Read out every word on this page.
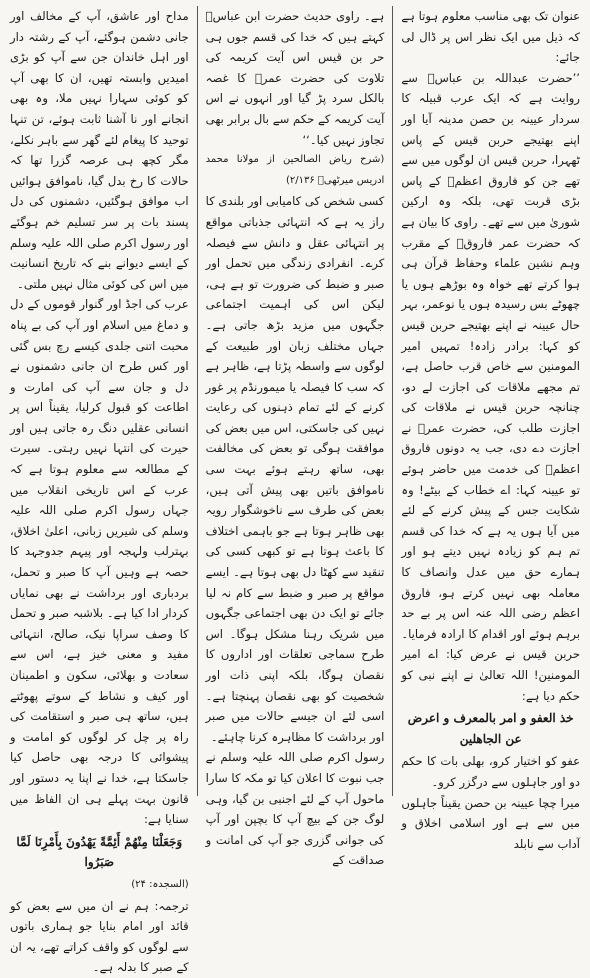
عنوان تک بھی مناسب معلوم ہوتا ہے کہ ذیل میں ایک نظر اس پر ڈال لی جائے:

’’حضرت عبداللہ بن عباسؓ سے روایت ہے کہ ایک عرب قبیلہ کا سردار عیینہ بن حصن مدینہ آیا اور اپنے بھتیجے حربن قیس کے پاس ٹھہرا، حربن قیس ان لوگوں میں سے تھے جن کو فاروق اعظمؓ کے پاس بڑی قربت تھی، بلکہ وہ ارکین شوریٰ میں سے تھے۔ راوی کا بیان ہے کہ حضرت عمر فاروقؓ کے مقرب وہم نشین علماء وحفاظ قرآن ہی ہوا کرتے تھے خواہ وہ بوڑھے ہوں یا چھوٹے بس رسیدہ ہوں یا نوعمر، بہر حال عیینہ نے اپنے بھتیجے حربن قیس کو کہا: برادر زادہ! تمہیں امیر المومنین سے خاص قرب حاصل ہے، تم مجھے ملاقات کی اجازت لے دو، چنانچہ حربن قیس نے ملاقات کی اجازت طلب کی، حضرت عمرؓ نے اجازت دے دی، جب یہ دونوں فاروق اعظمؓ کی خدمت میں حاضر ہوئے تو عیینہ کہا: اے خطاب کے بیٹے! وہ شکایت جس کے پیش کرنے کے لئے میں آیا ہوں یہ ہے کہ خدا کی قسم تم ہم کو زیادہ نہیں دیتے ہو اور ہمارے حق میں عدل وانصاف کا معاملہ بھی نہیں کرتے ہو، فاروق اعظم رضی اللہ عنہ اس پر بے حد برہم ہوئے اور اقدام کا ارادہ فرمایا۔ حربن قیس نے عرض کیا: اے امیر المومنین! اللہ تعالیٰ نے اپنے نبی کو حکم دیا ہے:

خذ العفو و امر بالمعرف و اعرض عن الجاهلين

عفو کو اختیار کرو، بھلی بات کا حکم دو اور جاہلوں سے درگزر کرو۔

میرا چچا عیینہ بن حصن یقیناً جاہلوں میں سے ہے اور اسلامی اخلاق و آداب سے نابلد

ہے۔ راوی حدیث حضرت ابن عباسؓ کہتے ہیں کہ خدا کی قسم جوں ہی حر بن قیس اس آیت کریمہ کی تلاوت کی حضرت عمرؓ کا غصہ بالکل سرد پڑ گیا اور انہوں نے اس آیت کریمہ کے حکم سے بال برابر بھی تجاوز نہیں کیا۔‘‘

(شرح ریاض الصالحین از مولانا محمد ادریس میرٹھیؒ ۲/۱۳۶)

کسی شخص کی کامیابی اور بلندی کا راز یہ ہے کہ انتہائی جذباتی مواقع پر انتہائی عقل و دانش سے فیصلہ کرے۔ انفرادی زندگی میں تحمل اور صبر و ضبط کی ضرورت تو ہے ہی، لیکن اس کی اہمیت اجتماعی جگہوں میں مزید بڑھ جاتی ہے۔ جہاں مختلف زبان اور طبیعت کے لوگوں سے واسطہ پڑتا ہے، ظاہر ہے کہ سب کا فیصلہ یا میمورنڈم پر غور کرنے کے لئے تمام ذہنوں کی رعایت نہیں کی جاسکتی، اس میں بعض کی موافقت ہوگی تو بعض کی مخالفت بھی، ساتھ رہتے ہوئے بہت سی ناموافق باتیں بھی پیش آتی ہیں، بعض کی طرف سے ناخوشگوار رویہ بھی ظاہر ہوتا ہے جو باہمی اختلاف کا باعث ہوتا ہے تو کبھی کسی کی تنقید سے کھٹا دل بھی ہوتا ہے۔ ایسے مواقع پر صبر و ضبط سے کام نہ لیا جائے تو ایک دن بھی اجتماعی جگہوں میں شریک رہنا مشکل ہوگا۔ اس طرح سماجی تعلقات اور اداروں کا نقصان ہوگا، بلکہ اپنی ذات اور شخصیت کو بھی نقصان پہنچتا ہے۔ اسی لئے ان جیسے حالات میں صبر اور برداشت کا مظاہرہ کرنا چاہئے۔

رسول اکرم صلی اللہ علیہ وسلم نے جب نبوت کا اعلان کیا تو مکہ کا سارا ماحول آپ کے لئے اجنبی بن گیا، وہی لوگ جن کے بیچ آپ کا بچپن اور آپ کی جوانی گزری جو آپ کی امانت و صداقت کے

مداح اور عاشق، آپ کے مخالف اور جانی دشمن ہوگئے، آپ کے رشتہ دار اور اہل خاندان جن سے آپ کو بڑی امیدیں وابستہ تھیں، ان کا بھی آپ کو کوئی سہارا نہیں ملا، وہ بھی انجانے اور نا آشنا ثابت ہوئے، تن تنہا توحید کا پیغام لئے گھر سے باہر نکلے، مگر کچھ ہی عرصہ گزرا تھا کہ حالات کا رخ بدل گیا، ناموافق ہوائیں اب موافق ہوگئیں، دشمنوں کی دل پسند بات پر سر تسلیم خم ہوگئے اور رسول اکرم صلی اللہ علیہ وسلم کے ایسے دیوانے بنے کہ تاریخ انسانیت میں اس کی کوئی مثال نہیں ملتی۔

عرب کی اجڈ اور گنوار قوموں کے دل و دماغ میں اسلام اور آپ کی بے پناہ محبت اتنی جلدی کیسے رچ بس گئی اور کس طرح ان جانی دشمنوں نے دل و جان سے آپ کی امارت و اطاعت کو قبول کرلیا، یقیناً اس پر انسانی عقلیں دنگ رہ جاتی ہیں اور حیرت کی انتہا نہیں رہتی۔ سیرت کے مطالعہ سے معلوم ہوتا ہے کہ عرب کے اس تاریخی انقلاب میں جہاں رسول اکرم صلی اللہ علیہ وسلم کی شیریں زبانی، اعلیٰ اخلاق، بہترلب ولہجہ اور پیہم جدوجہد کا حصہ ہے وہیں آپ کا صبر و تحمل، بردباری اور برداشت نے بھی نمایاں کردار ادا کیا ہے۔ بلاشبہ صبر و تحمل کا وصف سراپا نیک، صالح، انتہائی مفید و معنی خیز ہے، اس سے سعادت و بھلائی، سکون و اطمینان اور کیف و نشاط کے سوتے پھوٹتے ہیں، ساتھ ہی صبر و استقامت کی راہ پر چل کر لوگوں کو امامت و پیشوائی کا درجہ بھی حاصل کیا جاسکتا ہے، خدا نے اپنا یہ دستور اور قانون بہت پہلے ہی ان الفاظ میں سنایا ہے:

وَجَعَلْنَا مِنْهُمْ أَئِمَّةً يَهْدُونَ بِأَمْرِنَا لَمَّا صَبَرُوا

(السجدہ: ۲۴)

ترجمہ: ہم نے ان میں سے بعض کو قائد اور امام بنایا جو ہماری باتوں سے لوگوں کو واقف کراتے تھے، یہ ان کے صبر کا بدلہ ہے۔
